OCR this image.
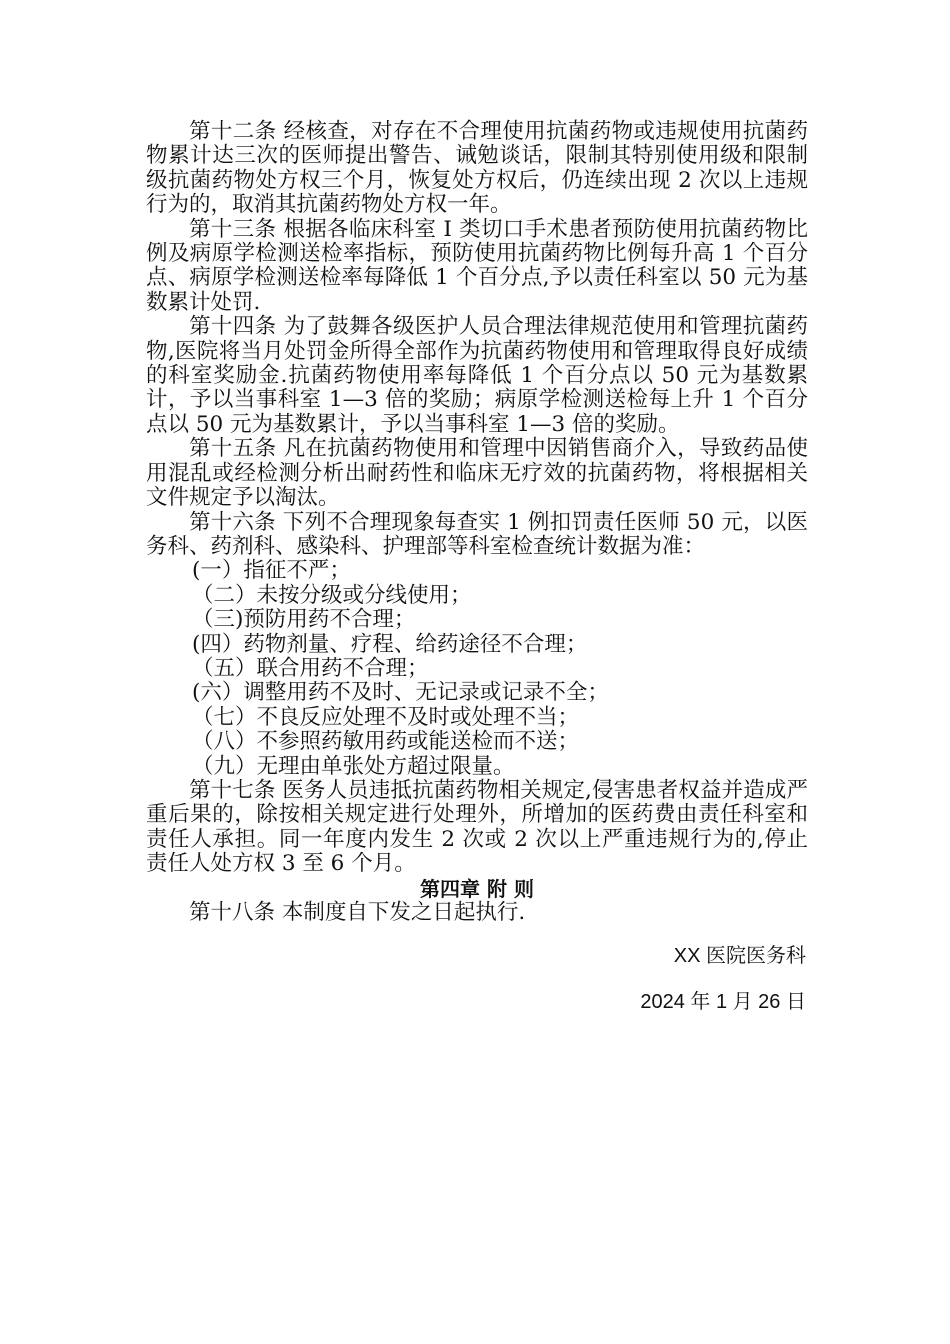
第十二条 经核查，对存在不合理使用抗菌药物或违规使用抗菌药物累计达三次的医师提出警告、诫勉谈话，限制其特别使用级和限制级抗菌药物处方权三个月，恢复处方权后，仍连续出现 2 次以上违规行为的，取消其抗菌药物处方权一年。

第十三条 根据各临床科室 I 类切口手术患者预防使用抗菌药物比例及病原学检测送检率指标，预防使用抗菌药物比例每升高 1 个百分点、病原学检测送检率每降低 1 个百分点,予以责任科室以 50 元为基数累计处罚.

第十四条 为了鼓舞各级医护人员合理法律规范使用和管理抗菌药物,医院将当月处罚金所得全部作为抗菌药物使用和管理取得良好成绩的科室奖励金.抗菌药物使用率每降低 1 个百分点以 50 元为基数累计，予以当事科室 1—3 倍的奖励；病原学检测送检每上升 1 个百分点以 50 元为基数累计，予以当事科室 1—3 倍的奖励。

第十五条 凡在抗菌药物使用和管理中因销售商介入，导致药品使用混乱或经检测分析出耐药性和临床无疗效的抗菌药物，将根据相关文件规定予以淘汰。

第十六条 下列不合理现象每查实 1 例扣罚责任医师 50 元，以医务科、药剂科、感染科、护理部等科室检查统计数据为准：

(一）指征不严；

（二）未按分级或分线使用；

（三)预防用药不合理；

(四）药物剂量、疗程、给药途径不合理；

（五）联合用药不合理；

(六）调整用药不及时、无记录或记录不全；

（七）不良反应处理不及时或处理不当；

（八）不参照药敏用药或能送检而不送；

（九）无理由单张处方超过限量。

第十七条 医务人员违抵抗菌药物相关规定,侵害患者权益并造成严重后果的，除按相关规定进行处理外，所增加的医药费由责任科室和责任人承担。同一年度内发生 2 次或 2 次以上严重违规行为的,停止责任人处方权 3 至 6 个月。

第四章 附 则

第十八条 本制度自下发之日起执行.

XX 医院医务科

2024 年 1 月 26 日
